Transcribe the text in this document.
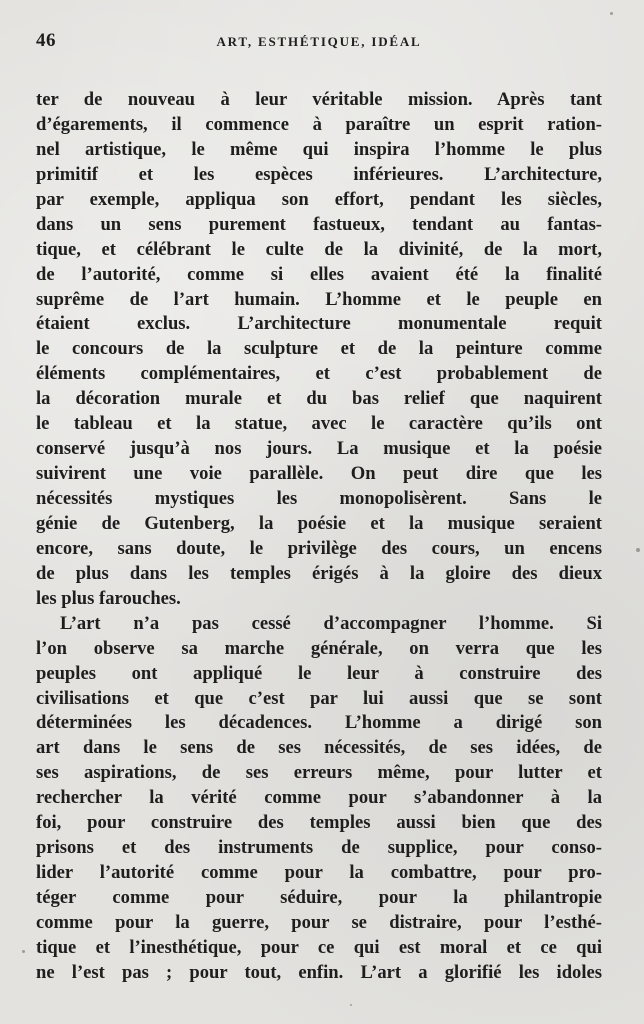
46	ART, ESTHÉTIQUE, IDÉAL
ter de nouveau à leur véritable mission. Après tant
d’égarements, il commence à paraître un esprit ration-
nel artistique, le même qui inspira l’homme le plus
primitif et les espèces inférieures. L’architecture,
par exemple, appliqua son effort, pendant les siècles,
dans un sens purement fastueux, tendant au fantas-
tique, et célébrant le culte de la divinité, de la mort,
de l’autorité, comme si elles avaient été la finalité
suprême de l’art humain. L’homme et le peuple en
étaient exclus. L’architecture monumentale requit
le concours de la sculpture et de la peinture comme
éléments complémentaires, et c’est probablement de
la décoration murale et du bas relief que naquirent
le tableau et la statue, avec le caractère qu’ils ont
conservé jusqu’à nos jours. La musique et la poésie
suivirent une voie parallèle. On peut dire que les
nécessités mystiques les monopolisèrent. Sans le
génie de Gutenberg, la poésie et la musique seraient
encore, sans doute, le privilège des cours, un encens
de plus dans les temples érigés à la gloire des dieux
les plus farouches.
L’art n’a pas cessé d’accompagner l’homme. Si
l’on observe sa marche générale, on verra que les
peuples ont appliqué le leur à construire des
civilisations et que c’est par lui aussi que se sont
déterminées les décadences. L’homme a dirigé son
art dans le sens de ses nécessités, de ses idées, de
ses aspirations, de ses erreurs même, pour lutter et
rechercher la vérité comme pour s’abandonner à la
foi, pour construire des temples aussi bien que des
prisons et des instruments de supplice, pour conso-
lider l’autorité comme pour la combattre, pour pro-
téger comme pour séduire, pour la philantropie
comme pour la guerre, pour se distraire, pour l’esthé-
tique et l’inesthétique, pour ce qui est moral et ce qui
ne l’est pas ; pour tout, enfin. L’art a glorifié les idoles
